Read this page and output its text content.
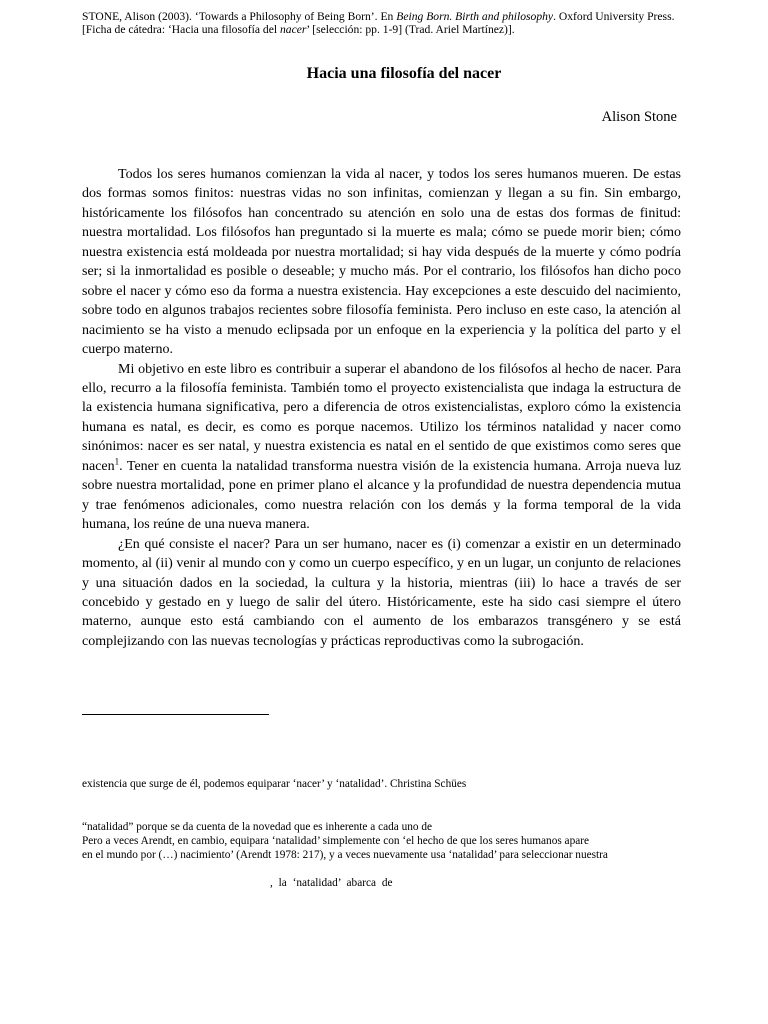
STONE, Alison (2003). ‘Towards a Philosophy of Being Born’. En Being Born. Birth and philosophy. Oxford University Press. [Ficha de cátedra: ‘Hacia una filosofía del nacer’ [selección: pp. 1-9] (Trad. Ariel Martínez)].
Hacia una filosofía del nacer
Alison Stone

Todos los seres humanos comienzan la vida al nacer, y todos los seres humanos mueren. De estas dos formas somos finitos: nuestras vidas no son infinitas, comienzan y llegan a su fin. Sin embargo, históricamente los filósofos han concentrado su atención en solo una de estas dos formas de finitud: nuestra mortalidad. Los filósofos han preguntado si la muerte es mala; cómo se puede morir bien; cómo nuestra existencia está moldeada por nuestra mortalidad; si hay vida después de la muerte y cómo podría ser; si la inmortalidad es posible o deseable; y mucho más. Por el contrario, los filósofos han dicho poco sobre el nacer y cómo eso da forma a nuestra existencia. Hay excepciones a este descuido del nacimiento, sobre todo en algunos trabajos recientes sobre filosofía feminista. Pero incluso en este caso, la atención al nacimiento se ha visto a menudo eclipsada por un enfoque en la experiencia y la política del parto y el cuerpo materno.

Mi objetivo en este libro es contribuir a superar el abandono de los filósofos al hecho de nacer. Para ello, recurro a la filosofía feminista. También tomo el proyecto existencialista que indaga la estructura de la existencia humana significativa, pero a diferencia de otros existencialistas, exploro cómo la existencia humana es natal, es decir, es como es porque nacemos. Utilizo los términos natalidad y nacer como sinónimos: nacer es ser natal, y nuestra existencia es natal en el sentido de que existimos como seres que nacen$^1$. Tener en cuenta la natalidad transforma nuestra visión de la existencia humana. Arroja nueva luz sobre nuestra mortalidad, pone en primer plano el alcance y la profundidad de nuestra dependencia mutua y trae fenómenos adicionales, como nuestra relación con los demás y la forma temporal de la vida humana, los reúne de una nueva manera.

¿En qué consiste el nacer? Para un ser humano, nacer es (i) comenzar a existir en un determinado momento, al (ii) venir al mundo con y como un cuerpo específico, y en un lugar, un conjunto de relaciones y una situación dados en la sociedad, la cultura y la historia, mientras (iii) lo hace a través de ser concebido y gestado en y luego de salir del útero. Históricamente, este ha sido casi siempre el útero materno, aunque esto está cambiando con el aumento de los embarazos transgénero y se está complejizando con las nuevas tecnologías y prácticas reproductivas como la subrogación.

existencia que surge de él, podemos equiparar ‘nacer’ y ‘natalidad’. Christina Schües
“natalidad” porque se da cuenta de la novedad que es inherente a cada uno de
Pero a veces Arendt, en cambio, equipara ‘natalidad’ simplemente con ‘el hecho de que los seres humanos apare
en el mundo por (…) nacimiento’ (Arendt 1978: 217), y a veces nuevamente usa ‘natalidad’ para seleccionar nuestra
, la ‘natalidad’ abarca de
